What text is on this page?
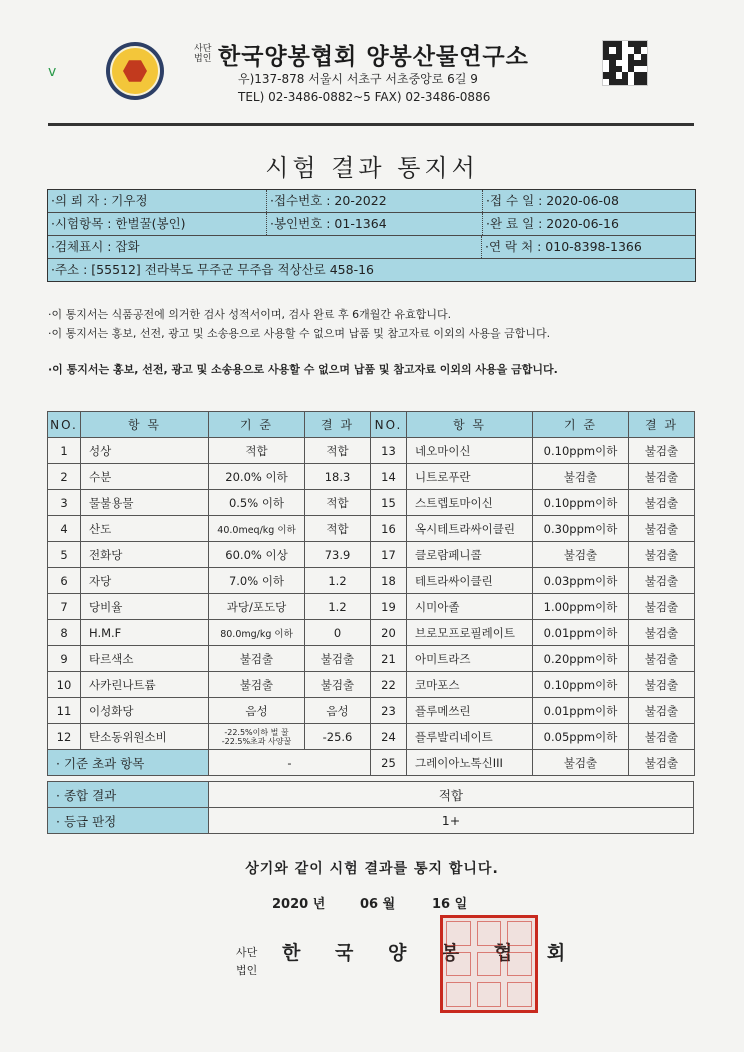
v
사단법인 한국양봉협회 양봉산물연구소
우)137-878 서울시 서초구 서초중앙로 6길 9
TEL) 02-3486-0882~5 FAX) 02-3486-0886
시험 결과 통지서
·의 뢰 자 : 기우정	·접수번호 : 20-2022	·접 수 일 : 2020-06-08
·시험항목 : 한벌꿀(봉인)	·봉인번호 : 01-1364	·완 료 일 : 2020-06-16
·검체표시 : 잡화	·연 락 처 : 010-8398-1366
·주소 : [55512] 전라북도 무주군 무주읍 적상산로 458-16
·이 통지서는 식품공전에 의거한 검사 성적서이며, 검사 완료 후 6개월간 유효합니다.
·이 통지서는 홍보, 선전, 광고 및 소송용으로 사용할 수 없으며 납품 및 참고자료 이외의 사용을 금합니다.
·이 통지서는 홍보, 선전, 광고 및 소송용으로 사용할 수 없으며 납품 및 참고자료 이외의 사용을 금합니다.
NO.	항 목	기 준	결 과	NO.	항 목	기 준	결 과
1	성상	적합	적합	13	네오마이신	0.10ppm이하	불검출
2	수분	20.0% 이하	18.3	14	니트로푸란	불검출	불검출
3	물불용물	0.5% 이하	적합	15	스트렙토마이신	0.10ppm이하	불검출
4	산도	40.0meq/kg 이하	적합	16	옥시테트라싸이클린	0.30ppm이하	불검출
5	전화당	60.0% 이상	73.9	17	클로람페니콜	불검출	불검출
6	자당	7.0% 이하	1.2	18	테트라싸이클린	0.03ppm이하	불검출
7	당비율	과당/포도당	1.2	19	시미아졸	1.00ppm이하	불검출
8	H.M.F	80.0mg/kg 이하	0	20	브로모프로필레이트	0.01ppm이하	불검출
9	타르색소	불검출	불검출	21	아미트라즈	0.20ppm이하	불검출
10	사카린나트륨	불검출	불검출	22	코마포스	0.10ppm이하	불검출
11	이성화당	음성	음성	23	플루메쓰린	0.01ppm이하	불검출
12	탄소동위원소비	-22.5%이하 벌 꿀
-22.5%초과 사양꿀	-25.6	24	플루발리네이트	0.05ppm이하	불검출
· 기준 초과 항목		-		25	그레이아노톡신III	불검출	불검출
· 종합 결과	적합
· 등급 판정	1+
상기와 같이 시험 결과를 통지 합니다.
2020 년	06 월	16 일
사단
법인
한 국 양 봉 협 회
